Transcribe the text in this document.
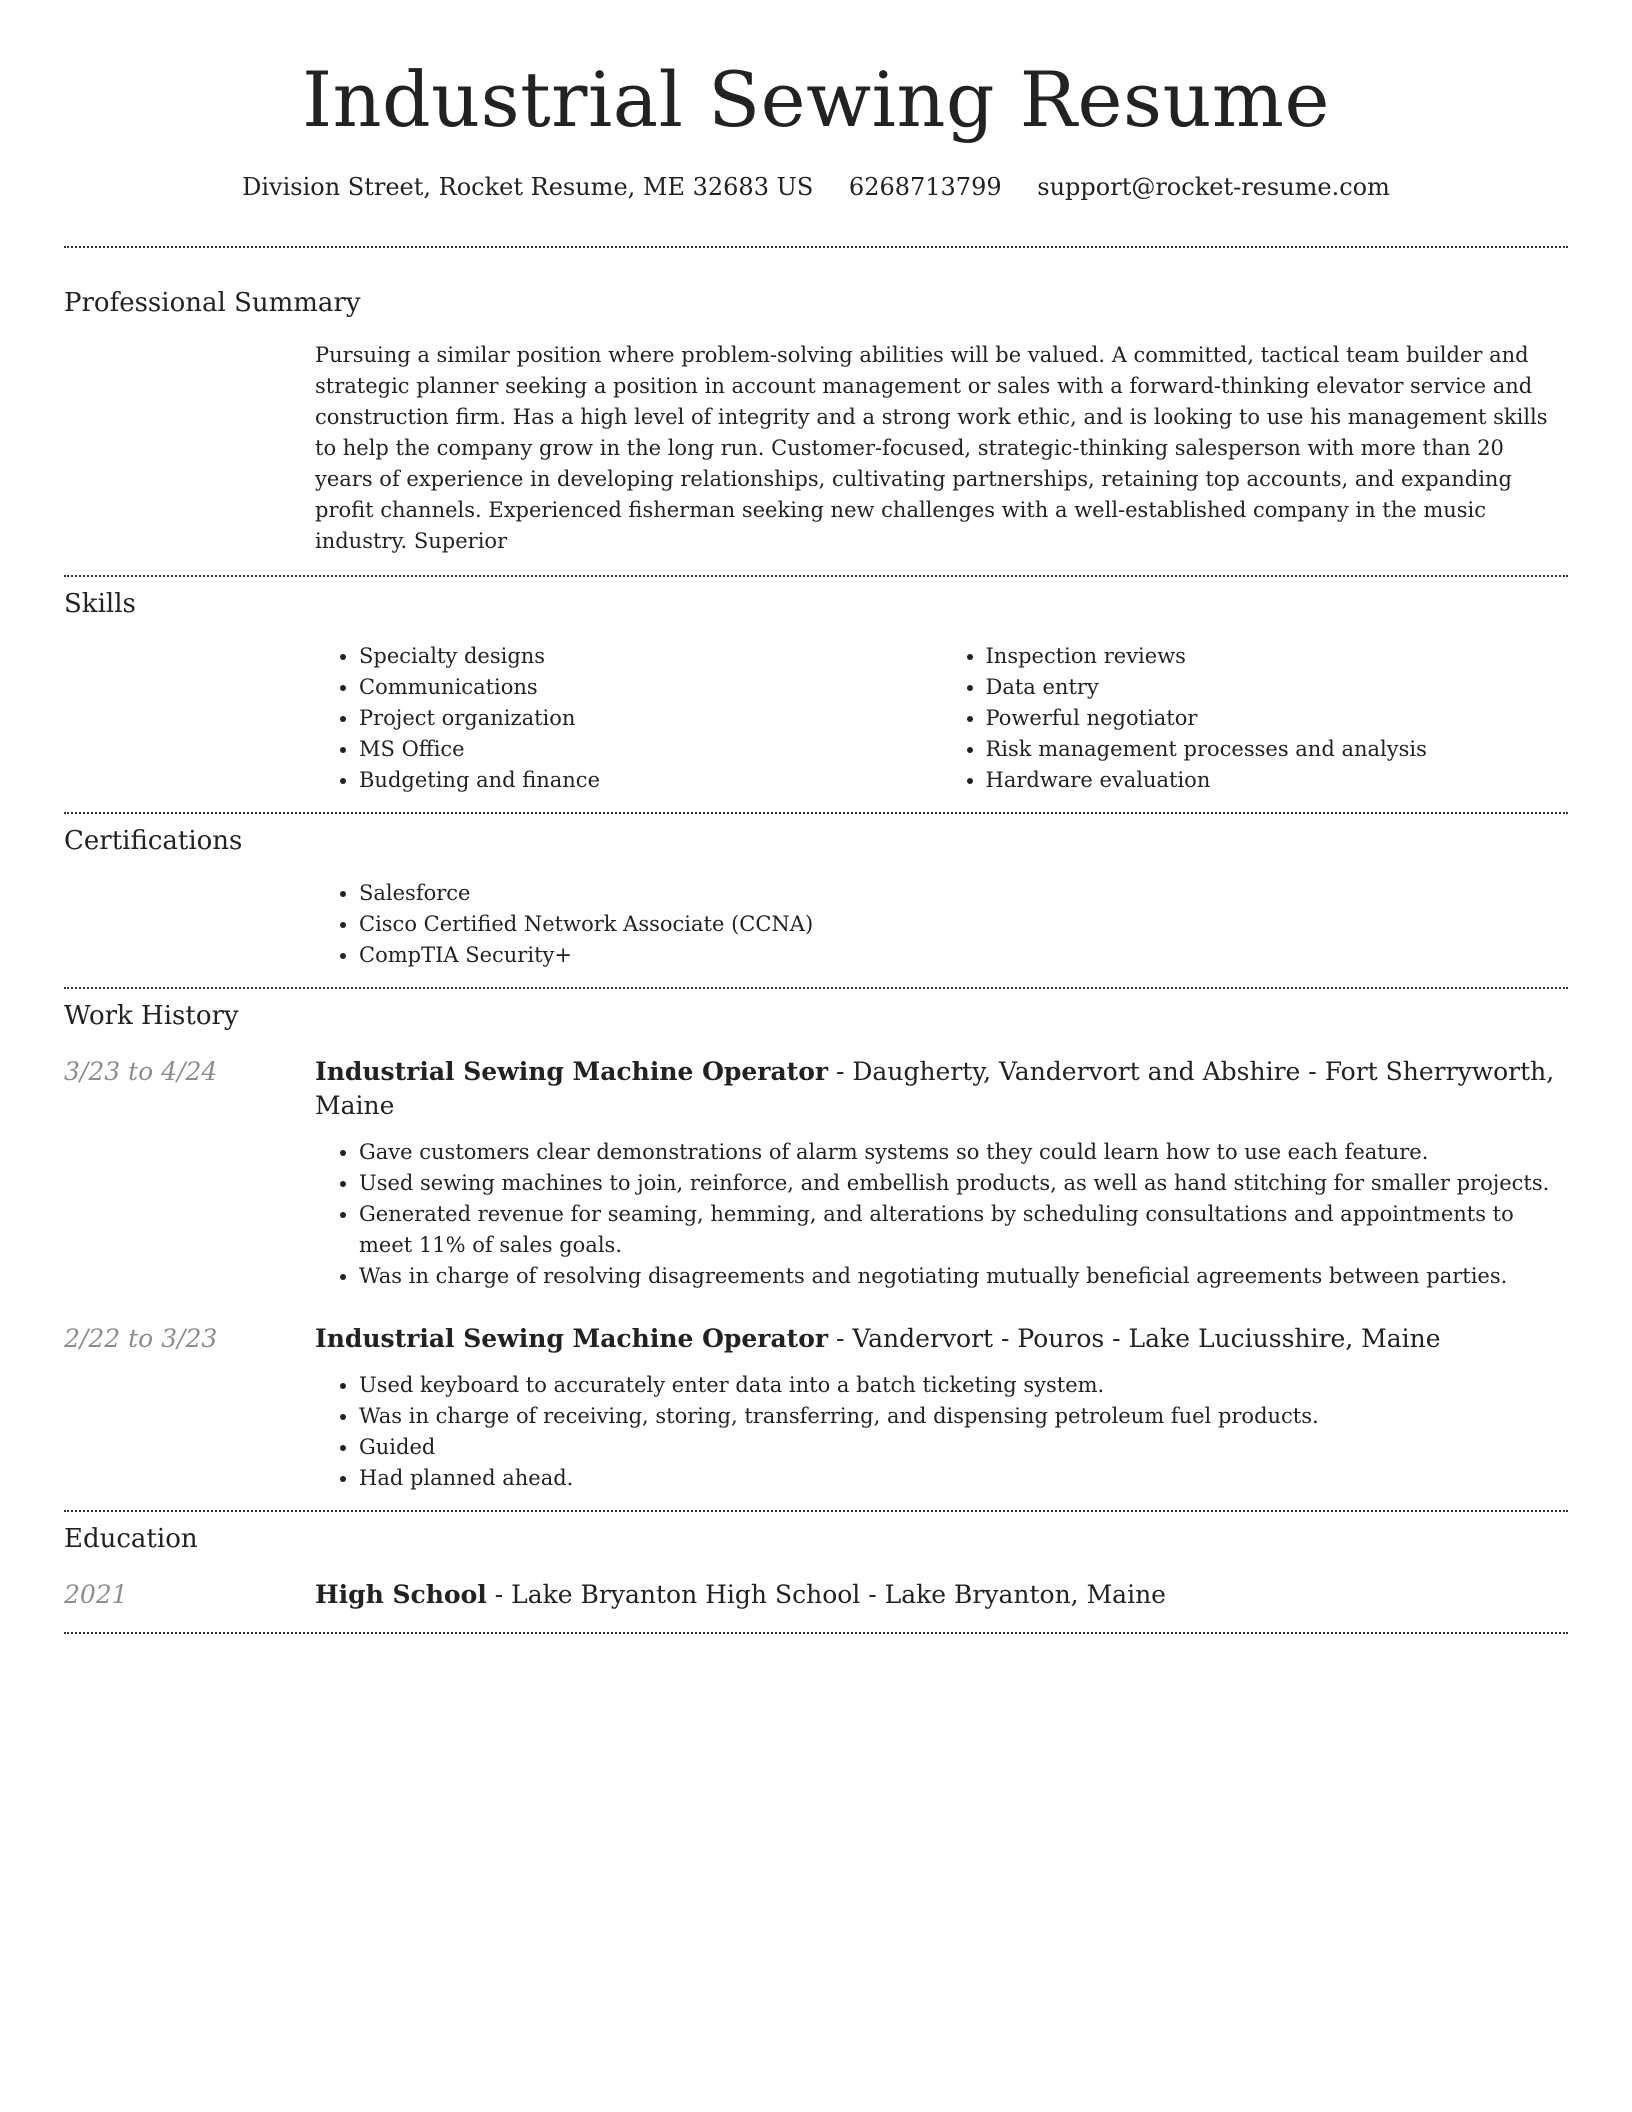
Industrial Sewing Resume
Division Street, Rocket Resume, ME 32683 US 6268713799 support@rocket-resume.com
Professional Summary

Pursuing a similar position where problem-solving abilities will be valued. A committed, tactical team builder and strategic planner seeking a position in account management or sales with a forward-thinking elevator service and construction firm. Has a high level of integrity and a strong work ethic, and is looking to use his management skills to help the company grow in the long run. Customer-focused, strategic-thinking salesperson with more than 20 years of experience in developing relationships, cultivating partnerships, retaining top accounts, and expanding profit channels. Experienced fisherman seeking new challenges with a well-established company in the music industry. Superior

Skills
• Specialty designs
• Communications
• Project organization
• MS Office
• Budgeting and finance
• Inspection reviews
• Data entry
• Powerful negotiator
• Risk management processes and analysis
• Hardware evaluation
Certifications
• Salesforce
• Cisco Certified Network Associate (CCNA)
• CompTIA Security+
Work History
3/23 to 4/24	Industrial Sewing Machine Operator - Daugherty, Vandervort and Abshire - Fort Sherryworth, Maine
• Gave customers clear demonstrations of alarm systems so they could learn how to use each feature.
• Used sewing machines to join, reinforce, and embellish products, as well as hand stitching for smaller projects.
• Generated revenue for seaming, hemming, and alterations by scheduling consultations and appointments to meet 11% of sales goals.
• Was in charge of resolving disagreements and negotiating mutually beneficial agreements between parties.
2/22 to 3/23	Industrial Sewing Machine Operator - Vandervort - Pouros - Lake Luciusshire, Maine
• Used keyboard to accurately enter data into a batch ticketing system.
• Was in charge of receiving, storing, transferring, and dispensing petroleum fuel products.
• Guided
• Had planned ahead.
Education
2021	High School - Lake Bryanton High School - Lake Bryanton, Maine
